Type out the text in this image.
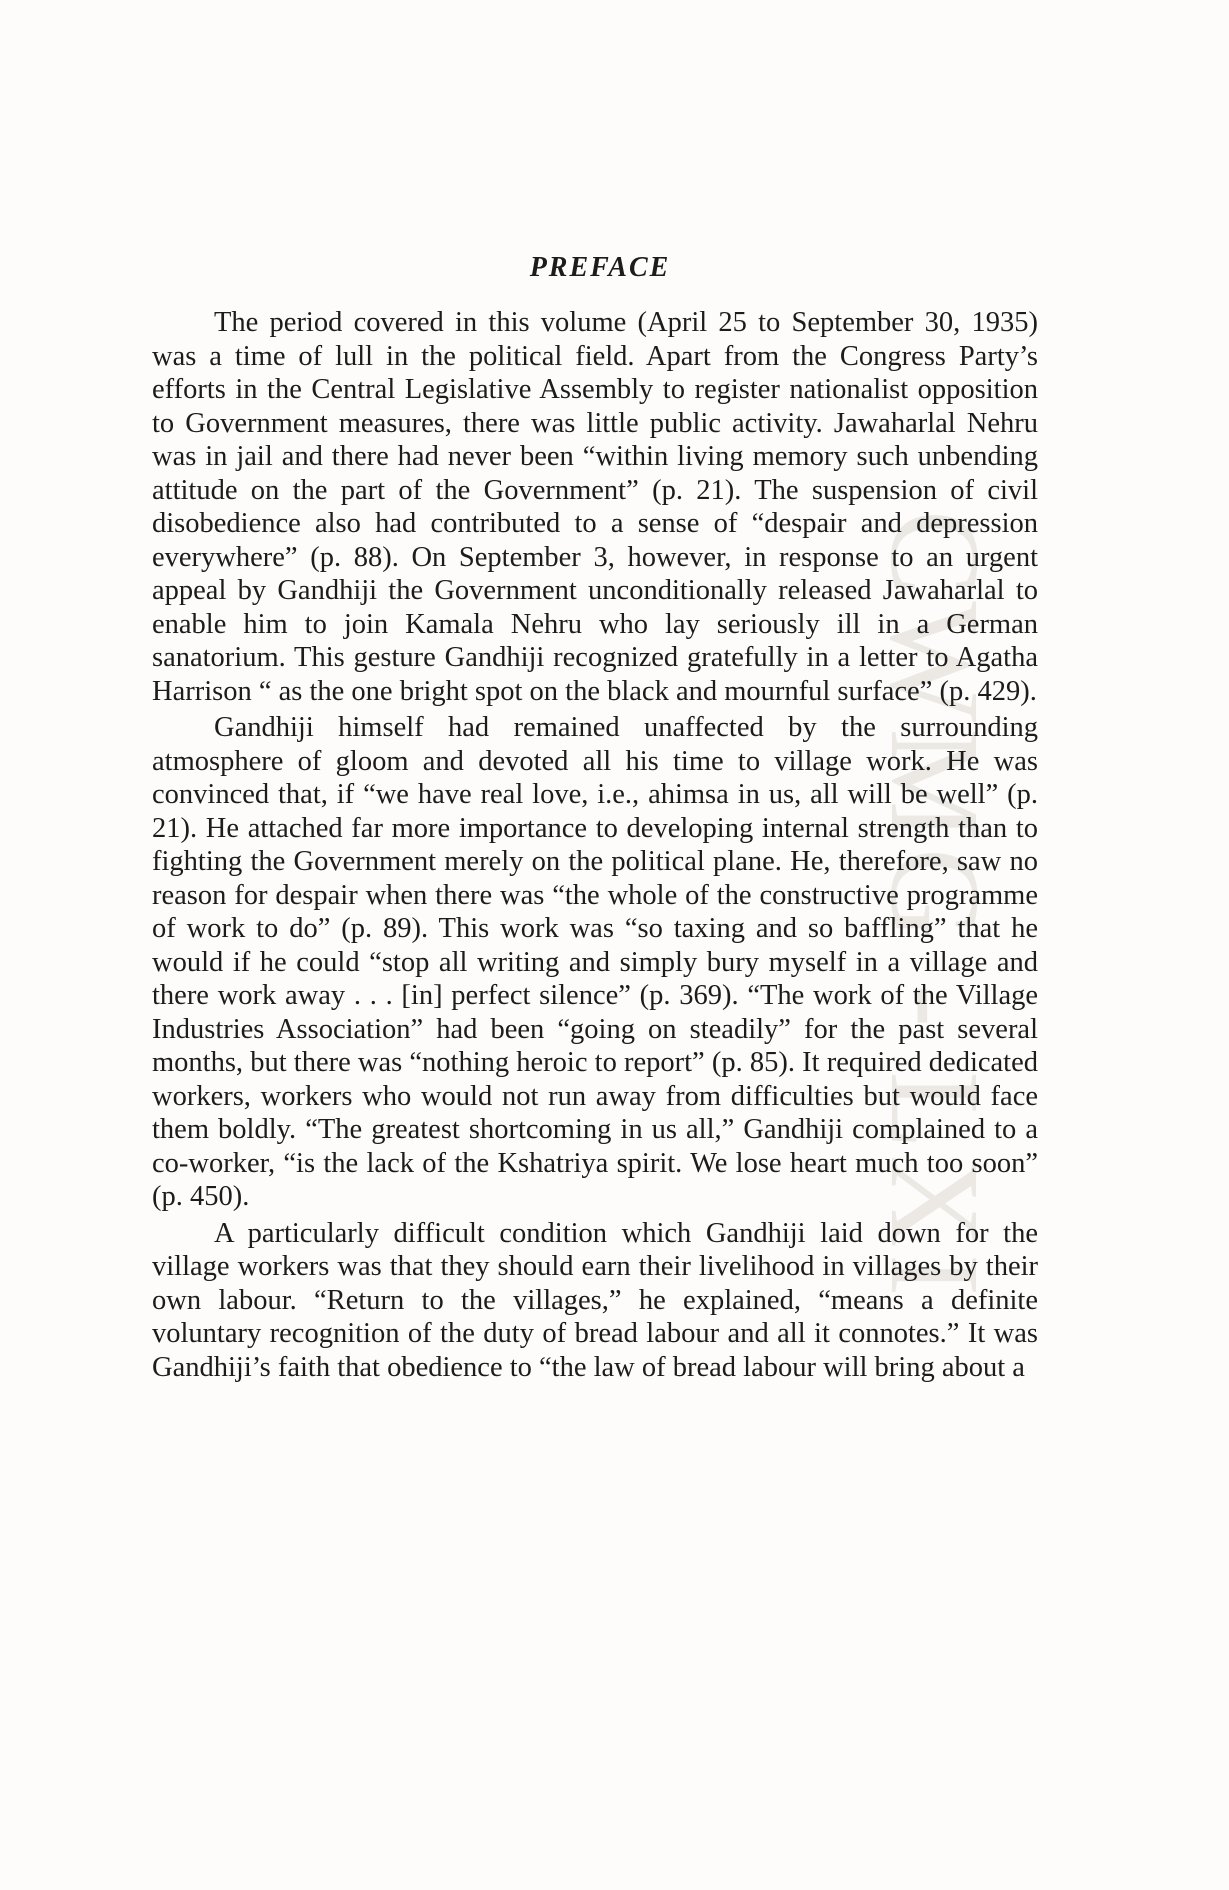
CWMG - LXI
PREFACE

The period covered in this volume (April 25 to September 30, 1935) was a time of lull in the political field. Apart from the Congress Party’s efforts in the Central Legislative Assembly to register nationalist opposition to Government measures, there was little public activity. Jawaharlal Nehru was in jail and there had never been “within living memory such unbending attitude on the part of the Government” (p. 21). The suspension of civil disobedience also had contributed to a sense of “despair and depression everywhere” (p. 88). On September 3, however, in response to an urgent appeal by Gandhiji the Government unconditionally released Jawaharlal to enable him to join Kamala Nehru who lay seriously ill in a German sanatorium. This gesture Gandhiji recognized gratefully in a letter to Agatha Harrison “ as the one bright spot on the black and mournful surface” (p. 429).

Gandhiji himself had remained unaffected by the surrounding atmosphere of gloom and devoted all his time to village work. He was convinced that, if “we have real love, i.e., ahimsa in us, all will be well” (p. 21). He attached far more importance to developing internal strength than to fighting the Government merely on the political plane. He, therefore, saw no reason for despair when there was “the whole of the constructive programme of work to do” (p. 89). This work was “so taxing and so baffling” that he would if he could “stop all writing and simply bury myself in a village and there work away . . . [in] perfect silence” (p. 369). “The work of the Village Industries Association” had been “going on steadily” for the past several months, but there was “nothing heroic to report” (p. 85). It required dedicated workers, workers who would not run away from difficulties but would face them boldly. “The greatest shortcoming in us all,” Gandhiji complained to a co-worker, “is the lack of the Kshatriya spirit. We lose heart much too soon” (p. 450).

A particularly difficult condition which Gandhiji laid down for the village workers was that they should earn their livelihood in villages by their own labour. “Return to the villages,” he explained, “means a definite voluntary recognition of the duty of bread labour and all it connotes.” It was Gandhiji’s faith that obedience to “the law of bread labour will bring about a
